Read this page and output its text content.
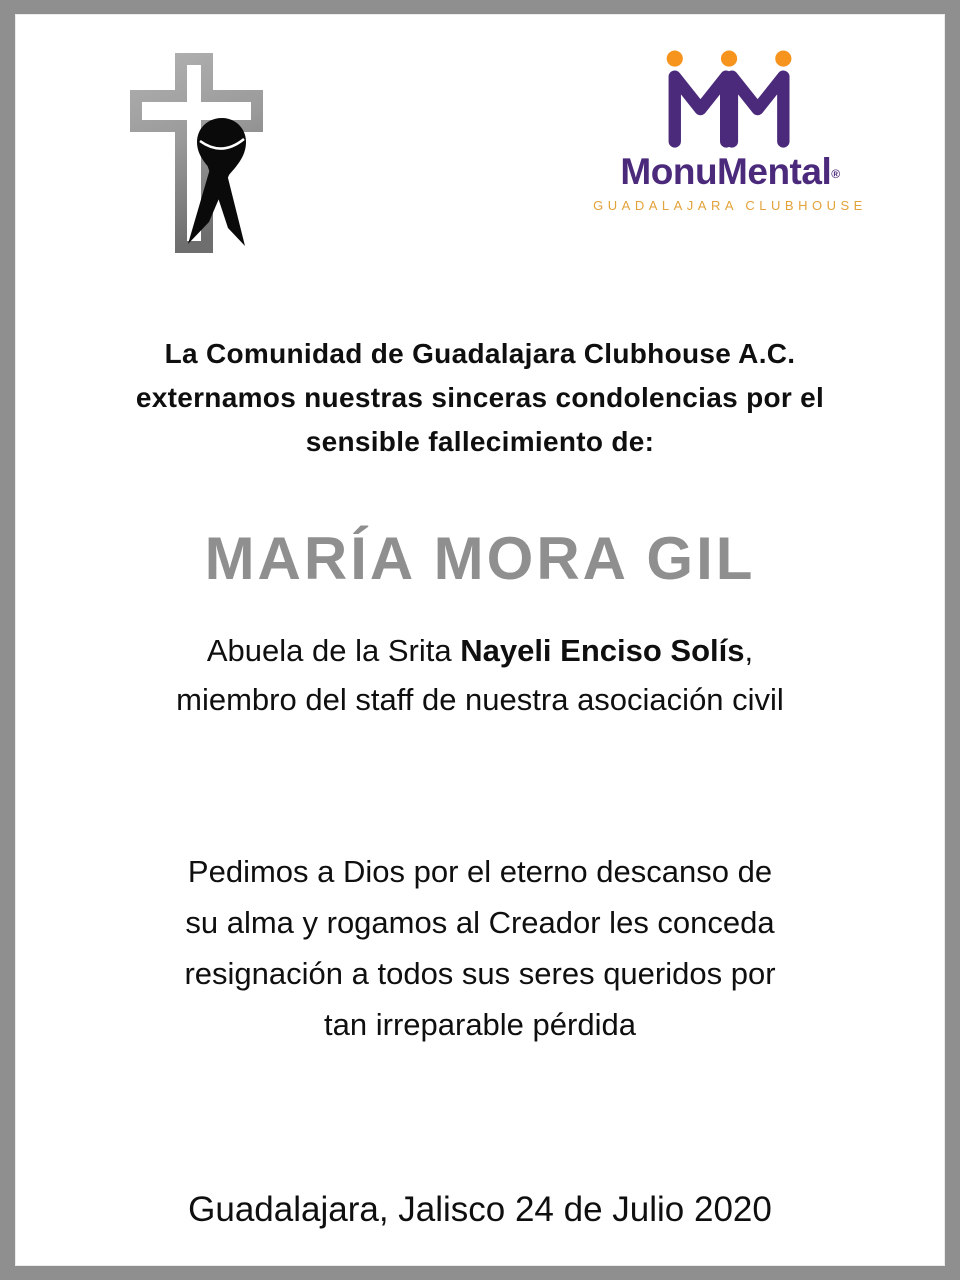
MonuMental®
GUADALAJARA CLUBHOUSE
La Comunidad de Guadalajara Clubhouse A.C.
externamos nuestras sinceras condolencias por el
sensible fallecimiento de:
MARÍA MORA GIL
Abuela de la Srita Nayeli Enciso Solís,
miembro del staff de nuestra asociación civil
Pedimos a Dios por el eterno descanso de
su alma y rogamos al Creador les conceda
resignación a todos sus seres queridos por
tan irreparable pérdida
Guadalajara, Jalisco 24 de Julio 2020
